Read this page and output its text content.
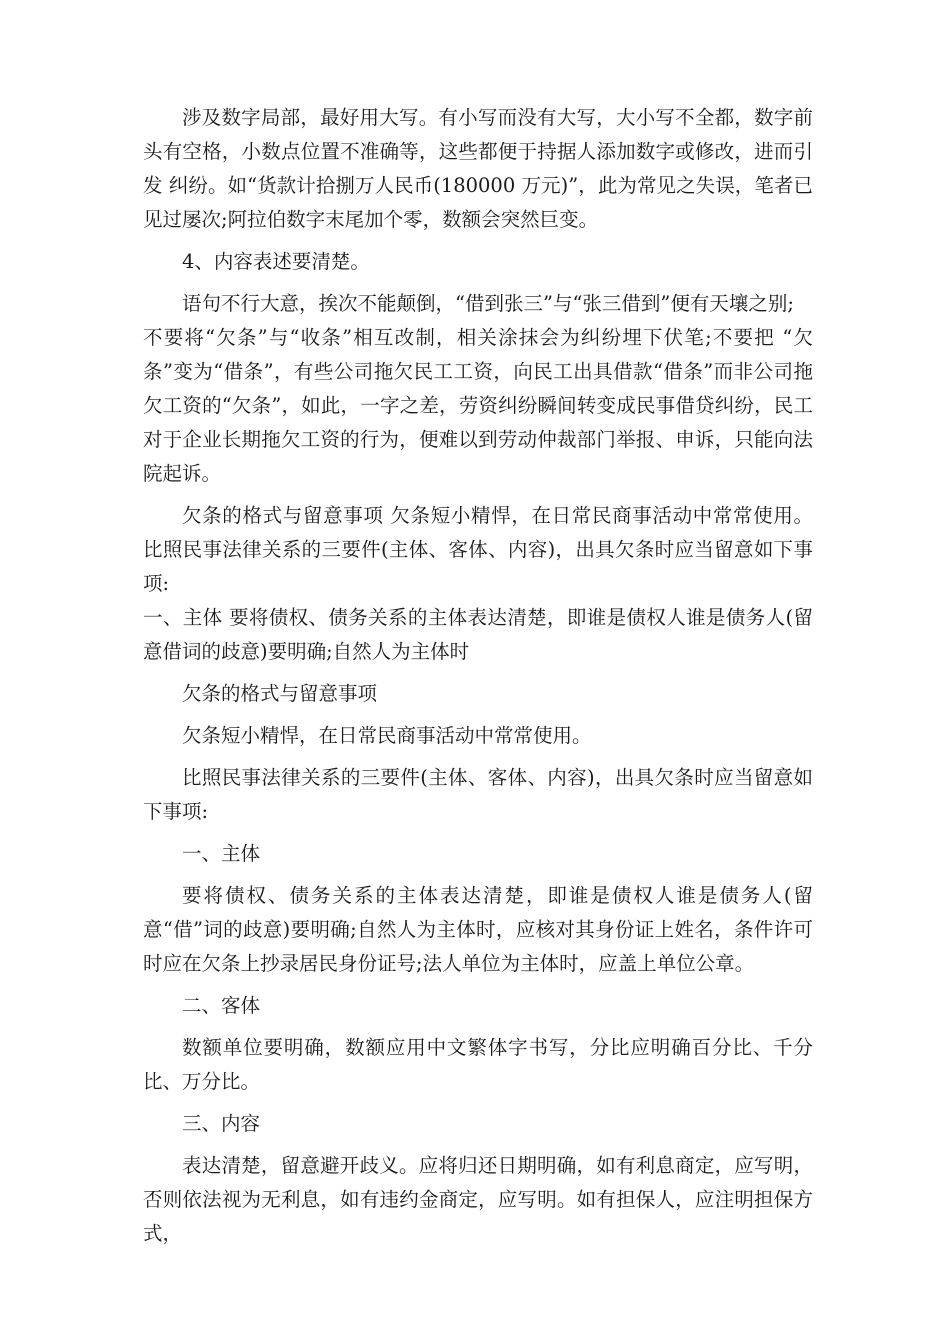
涉及数字局部，最好用大写。有小写而没有大写，大小写不全都，数字前头有空格，小数点位置不准确等，这些都便于持据人添加数字或修改，进而引发 纠纷。如“货款计拾捌万人民币(180000 万元)”，此为常见之失误，笔者已见过屡次;阿拉伯数字末尾加个零，数额会突然巨变。

4、内容表述要清楚。

语句不行大意，挨次不能颠倒，“借到张三”与“张三借到”便有天壤之别;

不要将“欠条”与“收条”相互改制，相关涂抹会为纠纷埋下伏笔;不要把 “欠条”变为“借条”，有些公司拖欠民工工资，向民工出具借款“借条”而非公司拖欠工资的“欠条”，如此，一字之差，劳资纠纷瞬间转变成民事借贷纠纷，民工对于企业长期拖欠工资的行为，便难以到劳动仲裁部门举报、申诉，只能向法院起诉。

欠条的格式与留意事项 欠条短小精悍，在日常民商事活动中常常使用。 比照民事法律关系的三要件(主体、客体、内容)，出具欠条时应当留意如下事项:

一、主体 要将债权、债务关系的主体表达清楚，即谁是债权人谁是债务人(留意借词的歧意)要明确;自然人为主体时

欠条的格式与留意事项

欠条短小精悍，在日常民商事活动中常常使用。

比照民事法律关系的三要件(主体、客体、内容)，出具欠条时应当留意如下事项:

一、主体

要将债权、债务关系的主体表达清楚，即谁是债权人谁是债务人(留意“借”词的歧意)要明确;自然人为主体时，应核对其身份证上姓名，条件许可时应在欠条上抄录居民身份证号;法人单位为主体时，应盖上单位公章。

二、客体

数额单位要明确，数额应用中文繁体字书写，分比应明确百分比、千分比、万分比。

三、内容

表达清楚，留意避开歧义。应将归还日期明确，如有利息商定，应写明，否则依法视为无利息，如有违约金商定，应写明。如有担保人，应注明担保方式，
